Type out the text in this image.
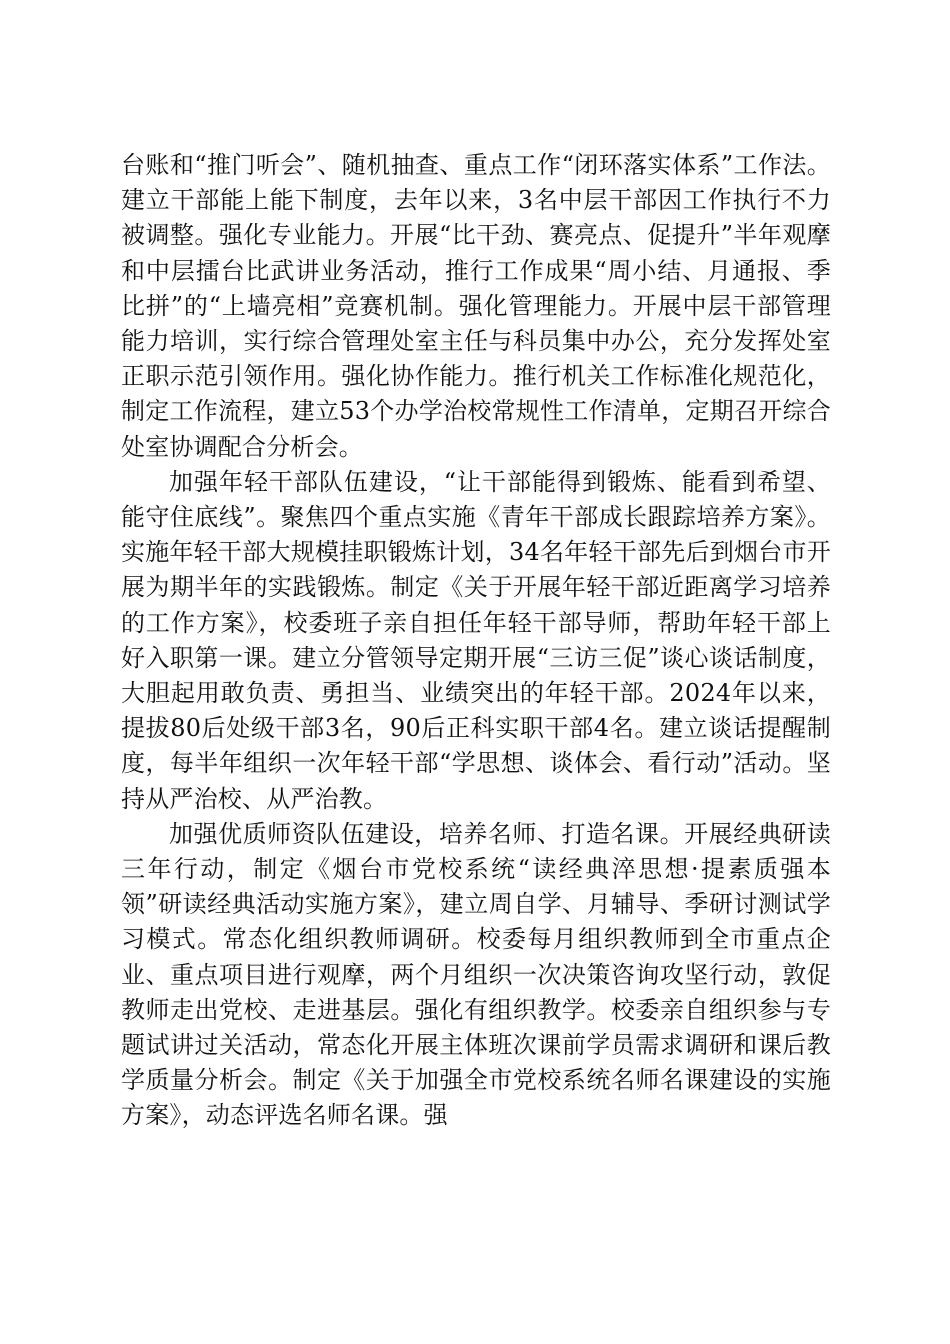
台账和“推门听会”、随机抽查、重点工作“闭环落实体系”工作法。建立干部能上能下制度，去年以来，3名中层干部因工作执行不力被调整。强化专业能力。开展“比干劲、赛亮点、促提升”半年观摩和中层擂台比武讲业务活动，推行工作成果“周小结、月通报、季比拼”的“上墙亮相”竞赛机制。强化管理能力。开展中层干部管理能力培训，实行综合管理处室主任与科员集中办公，充分发挥处室正职示范引领作用。强化协作能力。推行机关工作标准化规范化，制定工作流程，建立53个办学治校常规性工作清单，定期召开综合处室协调配合分析会。

加强年轻干部队伍建设，“让干部能得到锻炼、能看到希望、能守住底线”。聚焦四个重点实施《青年干部成长跟踪培养方案》。实施年轻干部大规模挂职锻炼计划，34名年轻干部先后到烟台市开展为期半年的实践锻炼。制定《关于开展年轻干部近距离学习培养的工作方案》，校委班子亲自担任年轻干部导师，帮助年轻干部上好入职第一课。建立分管领导定期开展“三访三促”谈心谈话制度，大胆起用敢负责、勇担当、业绩突出的年轻干部。2024年以来，提拔80后处级干部3名，90后正科实职干部4名。建立谈话提醒制度，每半年组织一次年轻干部“学思想、谈体会、看行动”活动。坚持从严治校、从严治教。

加强优质师资队伍建设，培养名师、打造名课。开展经典研读三年行动，制定《烟台市党校系统“读经典淬思想·提素质强本领”研读经典活动实施方案》，建立周自学、月辅导、季研讨测试学习模式。常态化组织教师调研。校委每月组织教师到全市重点企业、重点项目进行观摩，两个月组织一次决策咨询攻坚行动，敦促教师走出党校、走进基层。强化有组织教学。校委亲自组织参与专题试讲过关活动，常态化开展主体班次课前学员需求调研和课后教学质量分析会。制定《关于加强全市党校系统名师名课建设的实施方案》，动态评选名师名课。强
